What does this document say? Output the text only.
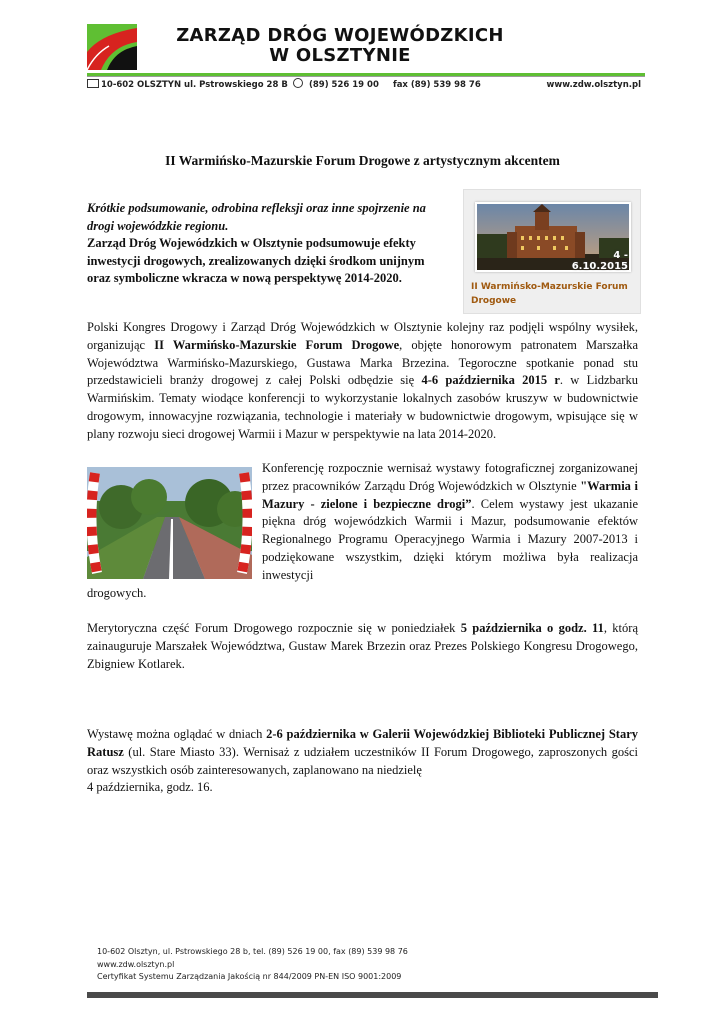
ZARZĄD DRÓG WOJEWÓDZKICH
W OLSZTYNIE
10-602 OLSZTYN ul. Pstrowskiego 28 B	(89) 526 19 00 fax (89) 539 98 76	www.zdw.olsztyn.pl
II Warmińsko-Mazurskie Forum Drogowe z artystycznym akcentem

Krótkie podsumowanie, odrobina refleksji oraz inne spojrzenie na drogi wojewódzkie regionu.

Zarząd Dróg Wojewódzkich w Olsztynie podsumowuje efekty inwestycji drogowych, zrealizowanych dzięki środkom unijnym oraz symboliczne wkracza w nową perspektywę 2014-2020.

4 - 6.10.2015
II Warmińsko-Mazurskie Forum Drogowe

Polski Kongres Drogowy i Zarząd Dróg Wojewódzkich w Olsztynie kolejny raz podjęli wspólny wysiłek, organizując II Warmińsko-Mazurskie Forum Drogowe, objęte honorowym patronatem Marszałka Województwa Warmińsko-Mazurskiego, Gustawa Marka Brzezina. Tegoroczne spotkanie ponad stu przedstawicieli branży drogowej z całej Polski odbędzie się 4-6 października 2015 r. w Lidzbarku Warmińskim. Tematy wiodące konferencji to wykorzystanie lokalnych zasobów kruszyw w budownictwie drogowym, innowacyjne rozwiązania, technologie i materiały w budownictwie drogowym, wpisujące się w plany rozwoju sieci drogowej Warmii i Mazur w perspektywie na lata 2014-2020.

Konferencję rozpocznie wernisaż wystawy fotograficznej zorganizowanej przez pracowników Zarządu Dróg Wojewódzkich w Olsztynie "Warmia i Mazury - zielone i bezpieczne drogi”. Celem wystawy jest ukazanie piękna dróg wojewódzkich Warmii i Mazur, podsumowanie efektów Regionalnego Programu Operacyjnego Warmia i Mazury 2007-2013 i podziękowane wszystkim, dzięki którym możliwa była realizacja inwestycji

drogowych.

Merytoryczna część Forum Drogowego rozpocznie się w poniedziałek 5 października o godz. 11, którą zainauguruje Marszałek Województwa, Gustaw Marek Brzezin oraz Prezes Polskiego Kongresu Drogowego, Zbigniew Kotlarek.

Wystawę można oglądać w dniach 2-6 października w Galerii Wojewódzkiej Biblioteki Publicznej Stary Ratusz (ul. Stare Miasto 33). Wernisaż z udziałem uczestników II Forum Drogowego, zaproszonych gości oraz wszystkich osób zainteresowanych, zaplanowano na niedzielę

4 października, godz. 16.

10-602 Olsztyn, ul. Pstrowskiego 28 b, tel. (89) 526 19 00, fax (89) 539 98 76
www.zdw.olsztyn.pl
Certyfikat Systemu Zarządzania Jakością nr 844/2009 PN-EN ISO 9001:2009
